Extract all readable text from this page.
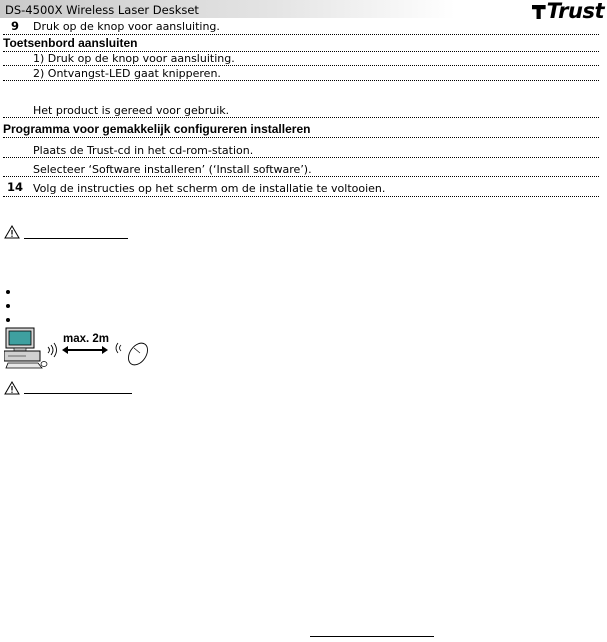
DS-4500X Wireless Laser Deskset	Trust
9	Druk op de knop voor aansluiting.
Toetsenbord aansluiten
1) Druk op de knop voor aansluiting.
2) Ontvangst-LED gaat knipperen.
Het product is gereed voor gebruik.
Programma voor gemakkelijk configureren installeren
Plaats de Trust-cd in het cd-rom-station.
Selecteer ‘Software installeren’ (‘Install software’).
14 Volg de instructies op het scherm om de installatie te voltooien.
max. 2m
